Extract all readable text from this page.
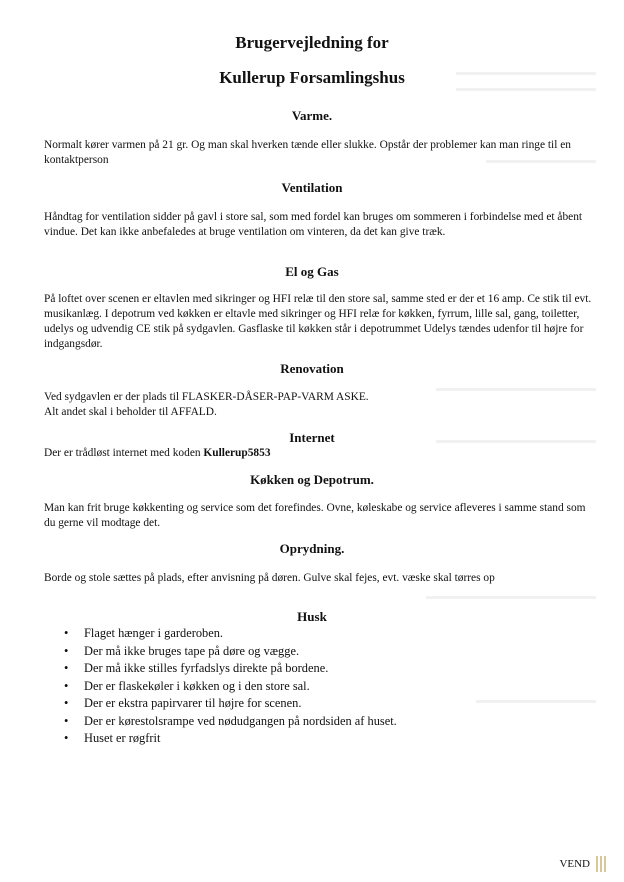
Brugervejledning for
Kullerup Forsamlingshus
Varme.

Normalt kører varmen på 21 gr. Og man skal hverken tænde eller slukke. Opstår der problemer kan man ringe til en kontaktperson

Ventilation

Håndtag for ventilation sidder på gavl i store sal, som med fordel kan bruges om sommeren i forbindelse med et åbent vindue. Det kan ikke anbefaledes at bruge ventilation om vinteren, da det kan give træk.

El og Gas

På loftet over scenen er eltavlen med sikringer og HFI relæ til den store sal, samme sted er der et 16 amp. Ce stik til evt. musikanlæg. I depotrum ved køkken er eltavle med sikringer og HFI relæ for køkken, fyrrum, lille sal, gang, toiletter, udelys og udvendig CE stik på sydgavlen. Gasflaske til køkken står i depotrummet Udelys tændes udenfor til højre for indgangsdør.

Renovation

Ved sydgavlen er der plads til FLASKER-DÅSER-PAP-VARM ASKE.

Alt andet skal i beholder til AFFALD.

Internet

Der er trådløst internet med koden Kullerup5853

Køkken og Depotrum.

Man kan frit bruge køkkenting og service som det forefindes. Ovne, køleskabe og service afleveres i samme stand som du gerne vil modtage det.

Oprydning.

Borde og stole sættes på plads, efter anvisning på døren. Gulve skal fejes, evt. væske skal tørres op

Husk
• Flaget hænger i garderoben.
• Der må ikke bruges tape på døre og vægge.
• Der må ikke stilles fyrfadslys direkte på bordene.
• Der er flaskekøler i køkken og i den store sal.
• Der er ekstra papirvarer til højre for scenen.
• Der er kørestolsrampe ved nødudgangen på nordsiden af huset.
• Huset er røgfrit
VEND
